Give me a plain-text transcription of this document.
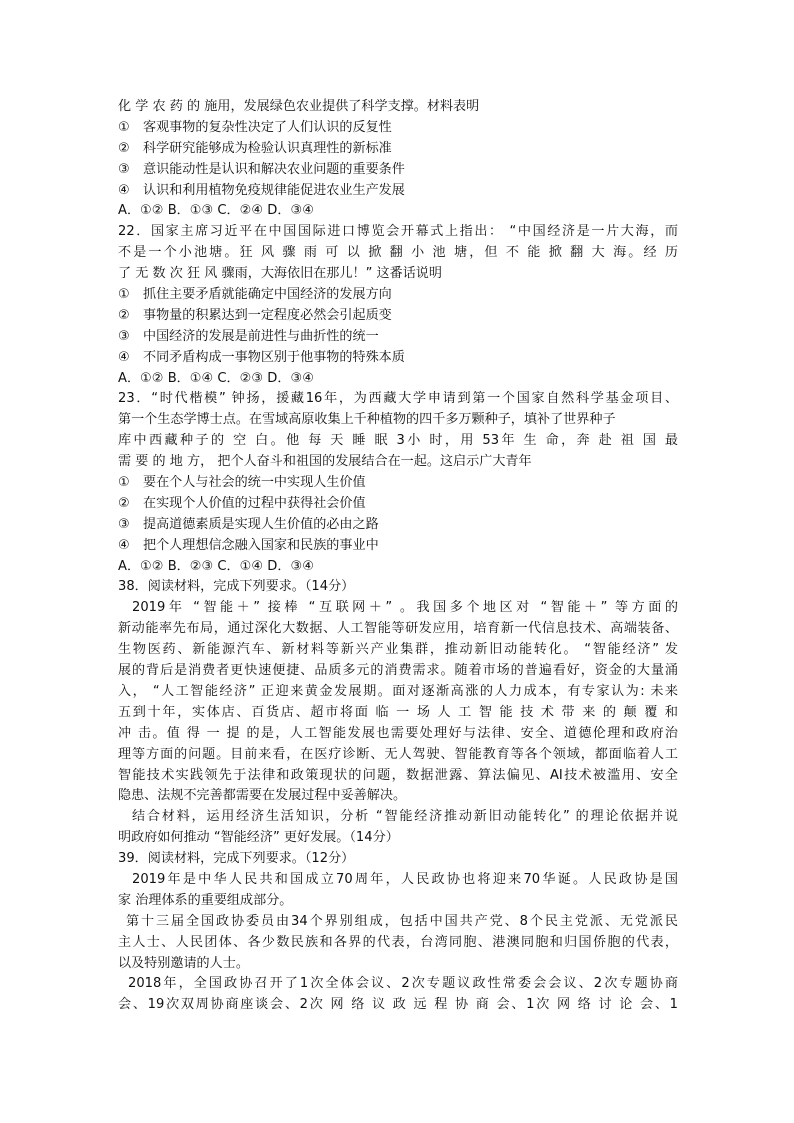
化 学 农 药 的 施用，发展绿色农业提供了科学支撑。材料表明
① 客观事物的复杂性决定了人们认识的反复性
② 科学研究能够成为检验认识真理性的新标准
③ 意识能动性是认识和解决农业问题的重要条件
④ 认识和利用植物免疫规律能促进农业生产发展
A．①② B．①③ C．②④ D．③④
22．国家主席习近平在中国国际进口博览会开幕式上指出： “中国经济是一片大海，而
不是一个小池塘。狂 风 骤 雨 可 以 掀 翻 小 池 塘，但 不 能 掀 翻 大 海。经 历
了 无 数 次 狂 风 骤雨，大海依旧在那儿！” 这番话说明
① 抓住主要矛盾就能确定中国经济的发展方向
② 事物量的积累达到一定程度必然会引起质变
③ 中国经济的发展是前进性与曲折性的统一
④ 不同矛盾构成一事物区别于他事物的特殊本质
A．①② B．①④ C．②③ D．③④
23．“时代楷模” 钟扬，援藏16年，为西藏大学申请到第一个国家自然科学基金项目、
第一个生态学博士点。在雪域高原收集上千种植物的四千多万颗种子，填补了世界种子
库中西藏种子的 空 白。他 每 天 睡 眠 3小 时，用 53年 生 命，奔 赴 祖 国 最
需 要 的 地 方， 把个人奋斗和祖国的发展结合在一起。这启示广大青年
① 要在个人与社会的统一中实现人生价值
② 在实现个人价值的过程中获得社会价值
③ 提高道德素质是实现人生价值的必由之路
④ 把个人理想信念融入国家和民族的事业中
A．①② B．②③ C．①④ D．③④
38．阅读材料，完成下列要求。（14分）
2019年 “智能＋” 接棒 “互联网＋” 。我国多个地区对 “智能＋” 等方面的
新动能率先布局，通过深化大数据、人工智能等研发应用，培育新一代信息技术、高端装备、
生物医药、新能源汽车、新材料等新兴产业集群，推动新旧动能转化。 “智能经济” 发
展的背后是消费者更快速便捷、品质多元的消费需求。随着市场的普遍看好，资金的大量涌
入， “人工智能经济” 正迎来黄金发展期。面对逐渐高涨的人力成本，有专家认为: 未来
五到十年，实体店、百货店、超市将面 临 一 场 人 工 智 能 技 术 带 来 的 颠 覆 和
冲 击。值 得 一 提 的是，人工智能发展也需要处理好与法律、安全、道德伦理和政府治
理等方面的问题。目前来看，在医疗诊断、无人驾驶、智能教育等各个领域，都面临着人工
智能技术实践领先于法律和政策现状的问题，数据泄露、算法偏见、AI技术被滥用、安全
隐患、法规不完善都需要在发展过程中妥善解决。
结合材料，运用经济生活知识，分析 “智能经济推动新旧动能转化” 的理论依据并说
明政府如何推动 “智能经济” 更好发展。（14分）
39．阅读材料，完成下列要求。（12分）
2019年是中华人民共和国成立70周年，人民政协也将迎来70华诞。人民政协是国
家 治理体系的重要组成部分。
第十三届全国政协委员由34个界别组成，包括中国共产党、8个民主党派、无党派民
主人士、人民团体、各少数民族和各界的代表，台湾同胞、港澳同胞和归国侨胞的代表，
以及特别邀请的人士。
2018年，全国政协召开了1次全体会议、2次专题议政性常委会会议、2次专题协商
会、19次双周协商座谈会、2次 网 络 议 政 远 程 协 商 会、1次 网 络 讨 论 会、1
